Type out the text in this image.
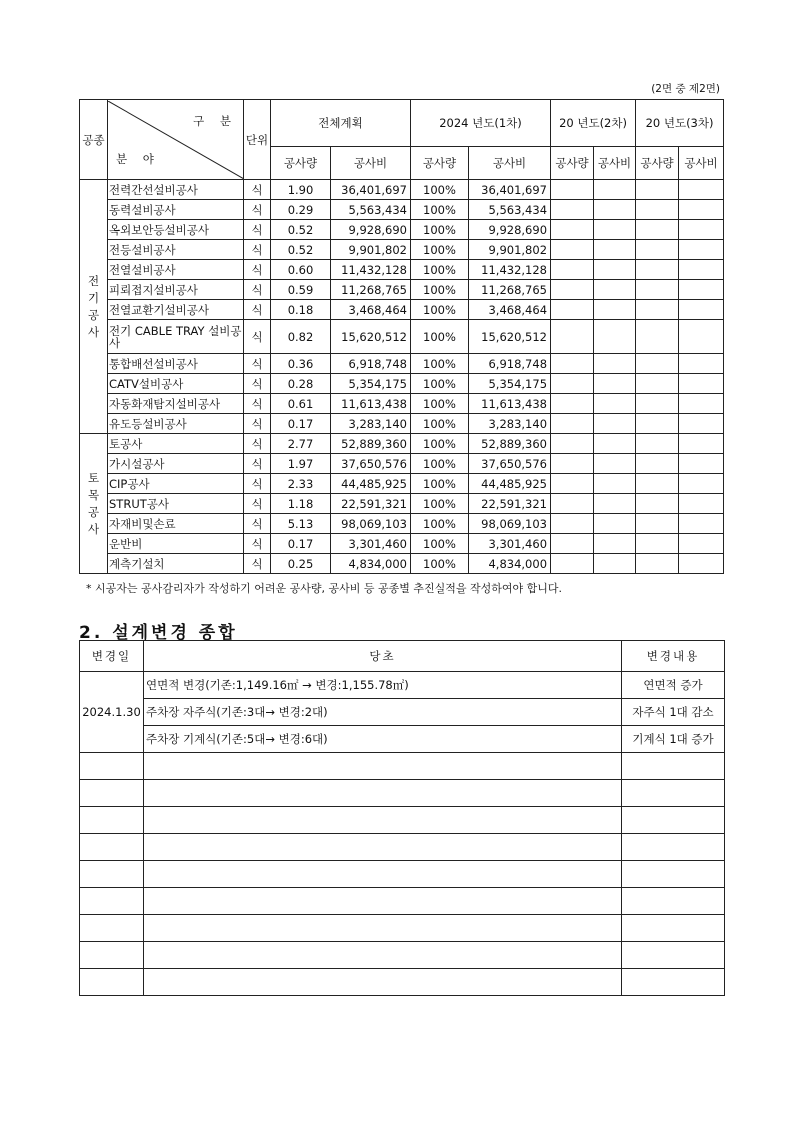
(2면 중 제2면)
공종	구 분
분 야	단위	전체계획		2024 년도(1차)		20 년도(2차)		20 년도(3차)	
			공사량	공사비	공사량	공사비	공사량	공사비	공사량	공사비

전
기
공
사	전력간선설비공사	식	1.90	36,401,697	100%	36,401,697				
	동력설비공사	식	0.29	5,563,434	100%	5,563,434				
	옥외보안등설비공사	식	0.52	9,928,690	100%	9,928,690				
	전등설비공사	식	0.52	9,901,802	100%	9,901,802				
	전열설비공사	식	0.60	11,432,128	100%	11,432,128				
	피뢰접지설비공사	식	0.59	11,268,765	100%	11,268,765				
	전열교환기설비공사	식	0.18	3,468,464	100%	3,468,464				
	전기 CABLE TRAY 설비공사	식	0.82	15,620,512	100%	15,620,512				
	통합배선설비공사	식	0.36	6,918,748	100%	6,918,748				
	CATV설비공사	식	0.28	5,354,175	100%	5,354,175				
	자동화재탐지설비공사	식	0.61	11,613,438	100%	11,613,438				
	유도등설비공사	식	0.17	3,283,140	100%	3,283,140				

토
목
공
사	토공사	식	2.77	52,889,360	100%	52,889,360				
	가시설공사	식	1.97	37,650,576	100%	37,650,576				
	CIP공사	식	2.33	44,485,925	100%	44,485,925				
	STRUT공사	식	1.18	22,591,321	100%	22,591,321				
	자재비및손료	식	5.13	98,069,103	100%	98,069,103				
	운반비	식	0.17	3,301,460	100%	3,301,460				
	계측기설치	식	0.25	4,834,000	100%	4,834,000				
* 시공자는 공사감리자가 작성하기 어려운 공사량, 공사비 등 공종별 추진실적을 작성하여야 합니다.
2. 설계변경 종합
변경일	당초	변경내용
2024.1.30	연면적 변경(기존:1,149.16㎡ → 변경:1,155.78㎡)	연면적 증가
	주차장 자주식(기존:3대→ 변경:2대)	자주식 1대 감소
	주차장 기계식(기존:5대→ 변경:6대)	기계식 1대 증가
